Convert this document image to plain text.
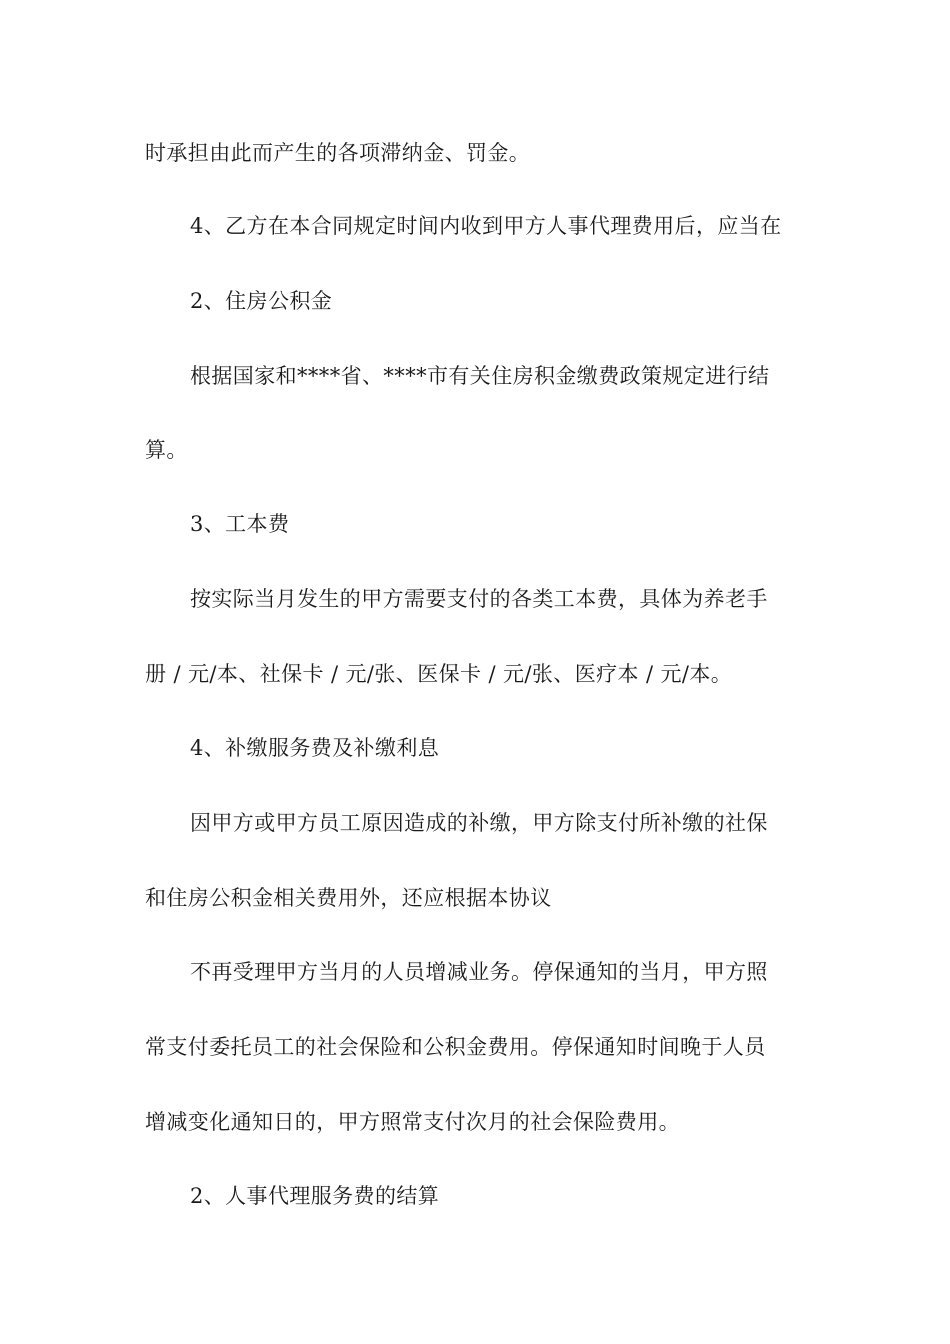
时承担由此而产生的各项滞纳金、罚金。
4、乙方在本合同规定时间内收到甲方人事代理费用后，应当在
2、住房公积金
根据国家和****省、****市有关住房积金缴费政策规定进行结
算。
3、工本费
按实际当月发生的甲方需要支付的各类工本费，具体为养老手
册 / 元/本、社保卡 / 元/张、医保卡 / 元/张、医疗本 / 元/本。
4、补缴服务费及补缴利息
因甲方或甲方员工原因造成的补缴，甲方除支付所补缴的社保
和住房公积金相关费用外，还应根据本协议
不再受理甲方当月的人员增减业务。停保通知的当月，甲方照
常支付委托员工的社会保险和公积金费用。停保通知时间晚于人员
增减变化通知日的，甲方照常支付次月的社会保险费用。
2、人事代理服务费的结算
